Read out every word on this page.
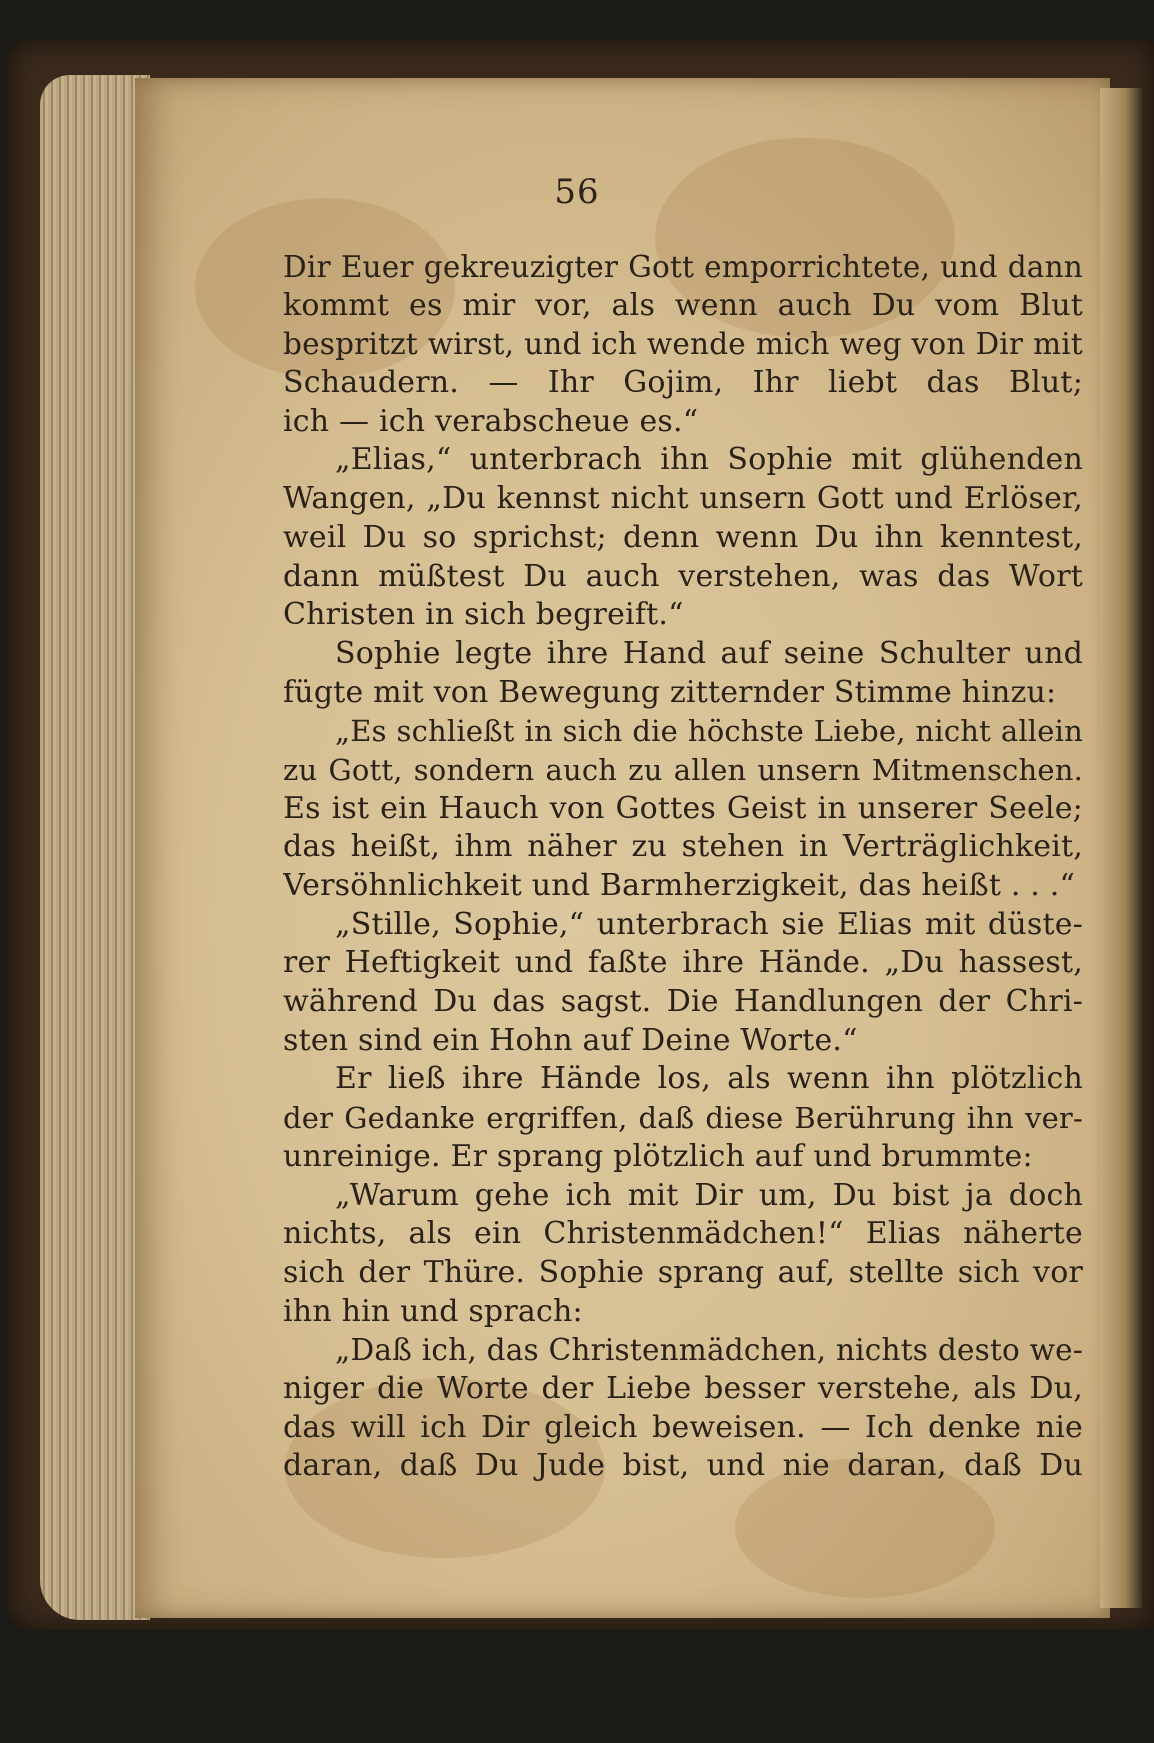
56
Dir Euer gekreuzigter Gott emporrichtete, und dann
kommt es mir vor, als wenn auch Du vom Blut
bespritzt wirst, und ich wende mich weg von Dir mit
Schaudern. — Ihr Gojim, Ihr liebt das Blut;
ich — ich verabscheue es.“
„Elias,“ unterbrach ihn Sophie mit glühenden
Wangen, „Du kennst nicht unsern Gott und Erlöser,
weil Du so sprichst; denn wenn Du ihn kenntest,
dann müßtest Du auch verstehen, was das Wort
Christen in sich begreift.“
Sophie legte ihre Hand auf seine Schulter und
fügte mit von Bewegung zitternder Stimme hinzu:
„Es schließt in sich die höchste Liebe, nicht allein
zu Gott, sondern auch zu allen unsern Mitmenschen.
Es ist ein Hauch von Gottes Geist in unserer Seele;
das heißt, ihm näher zu stehen in Verträglichkeit,
Versöhnlichkeit und Barmherzigkeit, das heißt . . .“
„Stille, Sophie,“ unterbrach sie Elias mit düste-
rer Heftigkeit und faßte ihre Hände. „Du hassest,
während Du das sagst. Die Handlungen der Chri-
sten sind ein Hohn auf Deine Worte.“
Er ließ ihre Hände los, als wenn ihn plötzlich
der Gedanke ergriffen, daß diese Berührung ihn ver-
unreinige. Er sprang plötzlich auf und brummte:
„Warum gehe ich mit Dir um, Du bist ja doch
nichts, als ein Christenmädchen!“ Elias näherte
sich der Thüre. Sophie sprang auf, stellte sich vor
ihn hin und sprach:
„Daß ich, das Christenmädchen, nichts desto we-
niger die Worte der Liebe besser verstehe, als Du,
das will ich Dir gleich beweisen. — Ich denke nie
daran, daß Du Jude bist, und nie daran, daß Du
